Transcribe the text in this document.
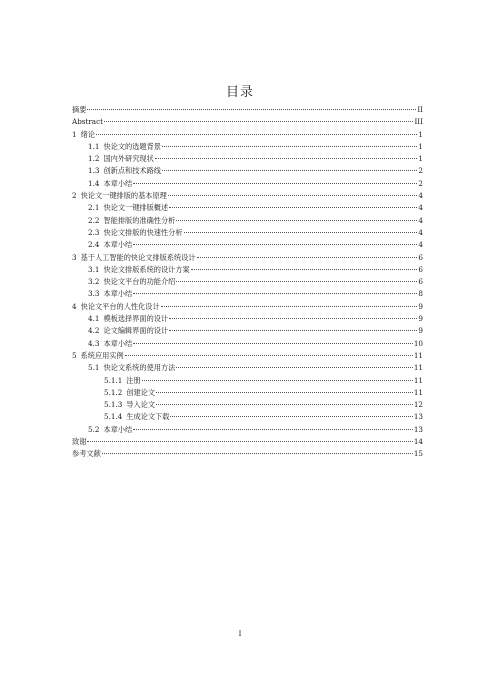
目录
摘要	II
Abstract	III
1 绪论	1
1.1 快论文的选题背景	1
1.2 国内外研究现状	1
1.3 创新点和技术路线	2
1.4 本章小结	2
2 快论文一键排版的基本原理	4
2.1 快论文一键排版概述	4
2.2 智能排版的准确性分析	4
2.3 快论文排版的快速性分析	4
2.4 本章小结	4
3 基于人工智能的快论文排版系统设计	6
3.1 快论文排版系统的设计方案	6
3.2 快论文平台的功能介绍	6
3.3 本章小结	8
4 快论文平台的人性化设计	9
4.1 模板选择界面的设计	9
4.2 论文编辑界面的设计	9
4.3 本章小结	10
5 系统应用实例	11
5.1 快论文系统的使用方法	11
5.1.1 注册	11
5.1.2 创建论文	11
5.1.3 导入论文	12
5.1.4 生成论文下载	13
5.2 本章小结	13
致谢	14
参考文献	15
I
